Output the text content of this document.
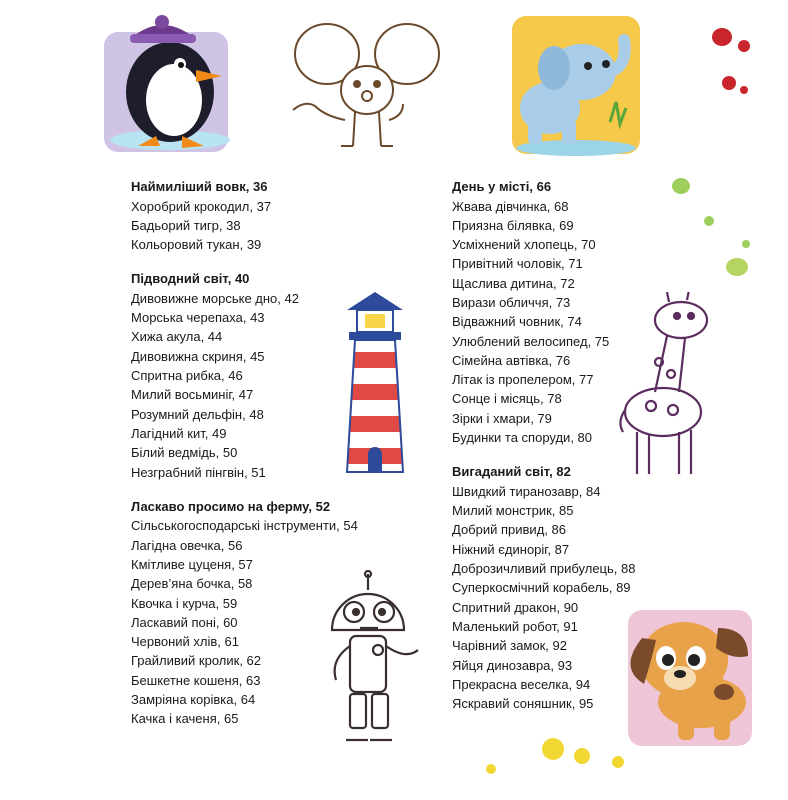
Наймиліший вовк, 36
Хоробрий крокодил, 37
Бадьорий тигр, 38
Кольоровий тукан, 39
Підводний світ, 40
Дивовижне морське дно, 42
Морська черепаха, 43
Хижа акула, 44
Дивовижна скриня, 45
Спритна рибка, 46
Милий восьминіг, 47
Розумний дельфін, 48
Лагідний кит, 49
Білий ведмідь, 50
Незграбний пінгвін, 51
Ласкаво просимо на ферму, 52
Сільськогосподарські інструменти, 54
Лагідна овечка, 56
Кмітливе цуценя, 57
Дерев’яна бочка, 58
Квочка і курча, 59
Ласкавий поні, 60
Червоний хлів, 61
Грайливий кролик, 62
Бешкетне кошеня, 63
Замріяна корівка, 64
Качка і каченя, 65
День у місті, 66
Жвава дівчинка, 68
Приязна білявка, 69
Усміхнений хлопець, 70
Привітний чоловік, 71
Щаслива дитина, 72
Вирази обличчя, 73
Відважний човник, 74
Улюблений велосипед, 75
Сімейна автівка, 76
Літак із пропелером, 77
Сонце і місяць, 78
Зірки і хмари, 79
Будинки та споруди, 80
Вигаданий світ, 82
Швидкий тиранозавр, 84
Милий монстрик, 85
Добрий привид, 86
Ніжний єдиноріг, 87
Доброзичливий прибулець, 88
Суперкосмічний корабель, 89
Спритний дракон, 90
Маленький робот, 91
Чарівний замок, 92
Яйця динозавра, 93
Прекрасна веселка, 94
Яскравий соняшник, 95
